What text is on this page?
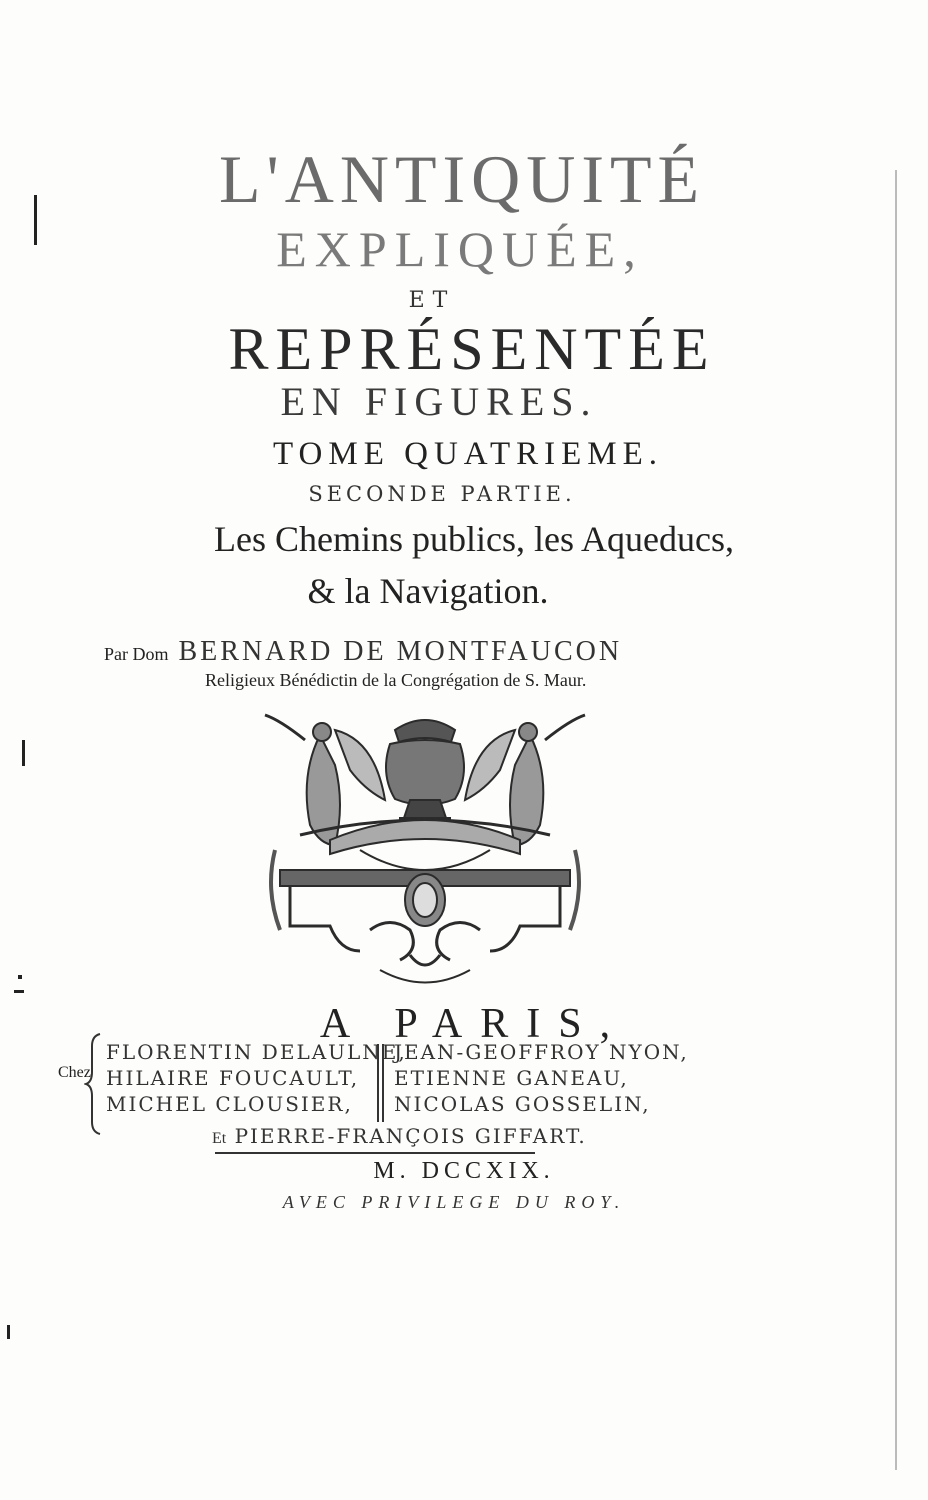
L'ANTIQUITÉ
EXPLIQUÉE,
ET
REPRÉSENTÉE
EN FIGURES.
TOME QUATRIEME.
SECONDE PARTIE.
Les Chemins publics, les Aqueducs,
& la Navigation.
Par Dom BERNARD DE MONTFAUCON
Religieux Bénédictin de la Congrégation de S. Maur.
A PARIS,
Chez
FLORENTIN DELAULNE,
HILAIRE FOUCAULT,
MICHEL CLOUSIER,
JEAN-GEOFFROY NYON,
ETIENNE GANEAU,
NICOLAS GOSSELIN,
Et PIERRE-FRANÇOIS GIFFART.
M. DCCXIX.
AVEC PRIVILEGE DU ROY.
